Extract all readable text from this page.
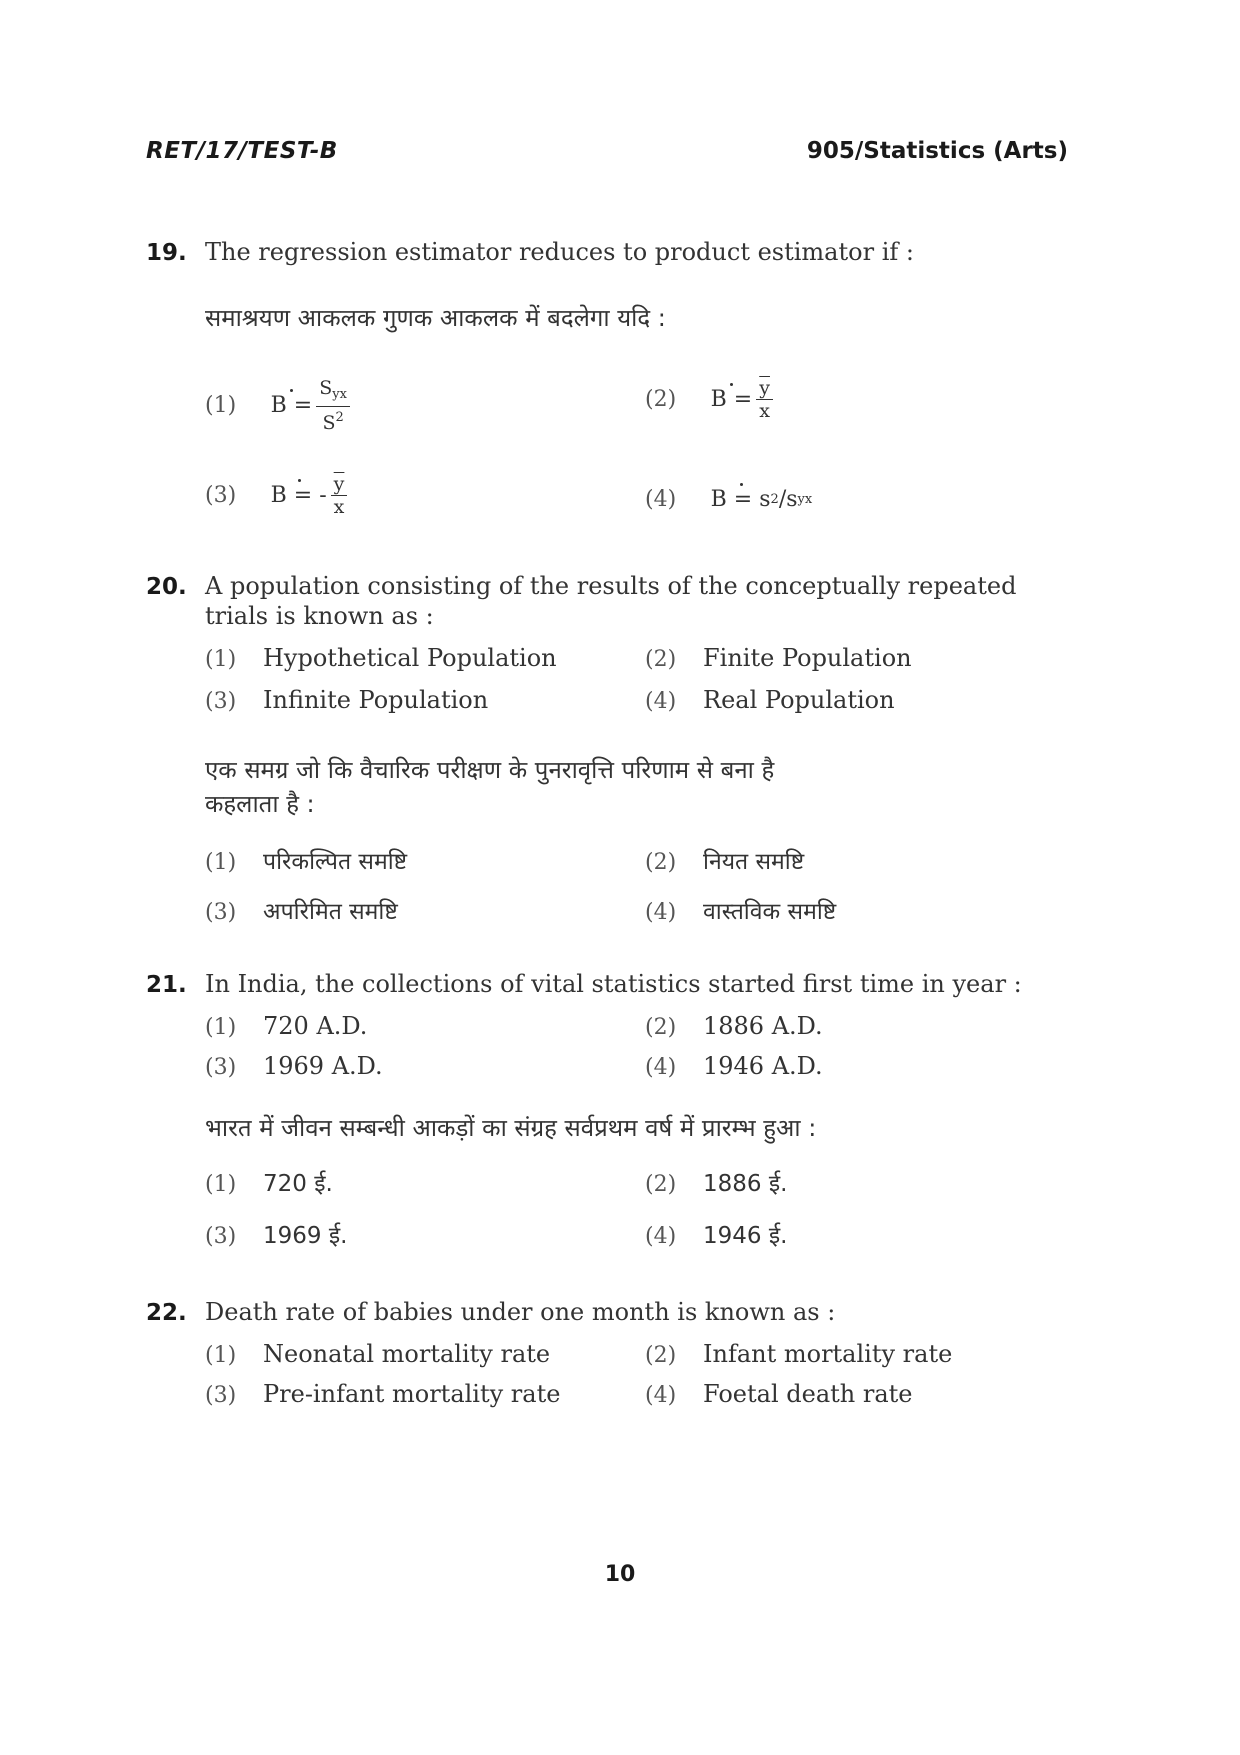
RET/17/TEST-B	905/Statistics (Arts)
19. The regression estimator reduces to product estimator if :
समाश्रयण आकलक गुणक आकलक में बदलेगा यदि :
(1) $B = \frac{S_{yx}}{S^2}$	(2) $B = \frac{\overline{y}}{x}$
(3) B = - $\frac{\overline{y}}{x}$	(4) B = s 2 /s yx
20. A population consisting of the results of the conceptually repeated
trials is known as :
(1) Hypothetical Population	(2) Finite Population
(3) Infinite Population	(4) Real Population
एक समग्र जो कि वैचारिक परीक्षण के पुनरावृत्ति परिणाम से बना है
कहलाता है :
(1) परिकल्पित समष्टि	(2) नियत समष्टि
(3) अपरिमित समष्टि	(4) वास्तविक समष्टि
21. In India, the collections of vital statistics started first time in year :
(1) 720 A.D.	(2) 1886 A.D.
(3) 1969 A.D.	(4) 1946 A.D.
भारत में जीवन सम्बन्धी आकड़ों का संग्रह सर्वप्रथम वर्ष में प्रारम्भ हुआ :
(1) 720 ई.	(2) 1886 ई.
(3) 1969 ई.	(4) 1946 ई.
22. Death rate of babies under one month is known as :
(1) Neonatal mortality rate	(2) Infant mortality rate
(3) Pre-infant mortality rate	(4) Foetal death rate
10
